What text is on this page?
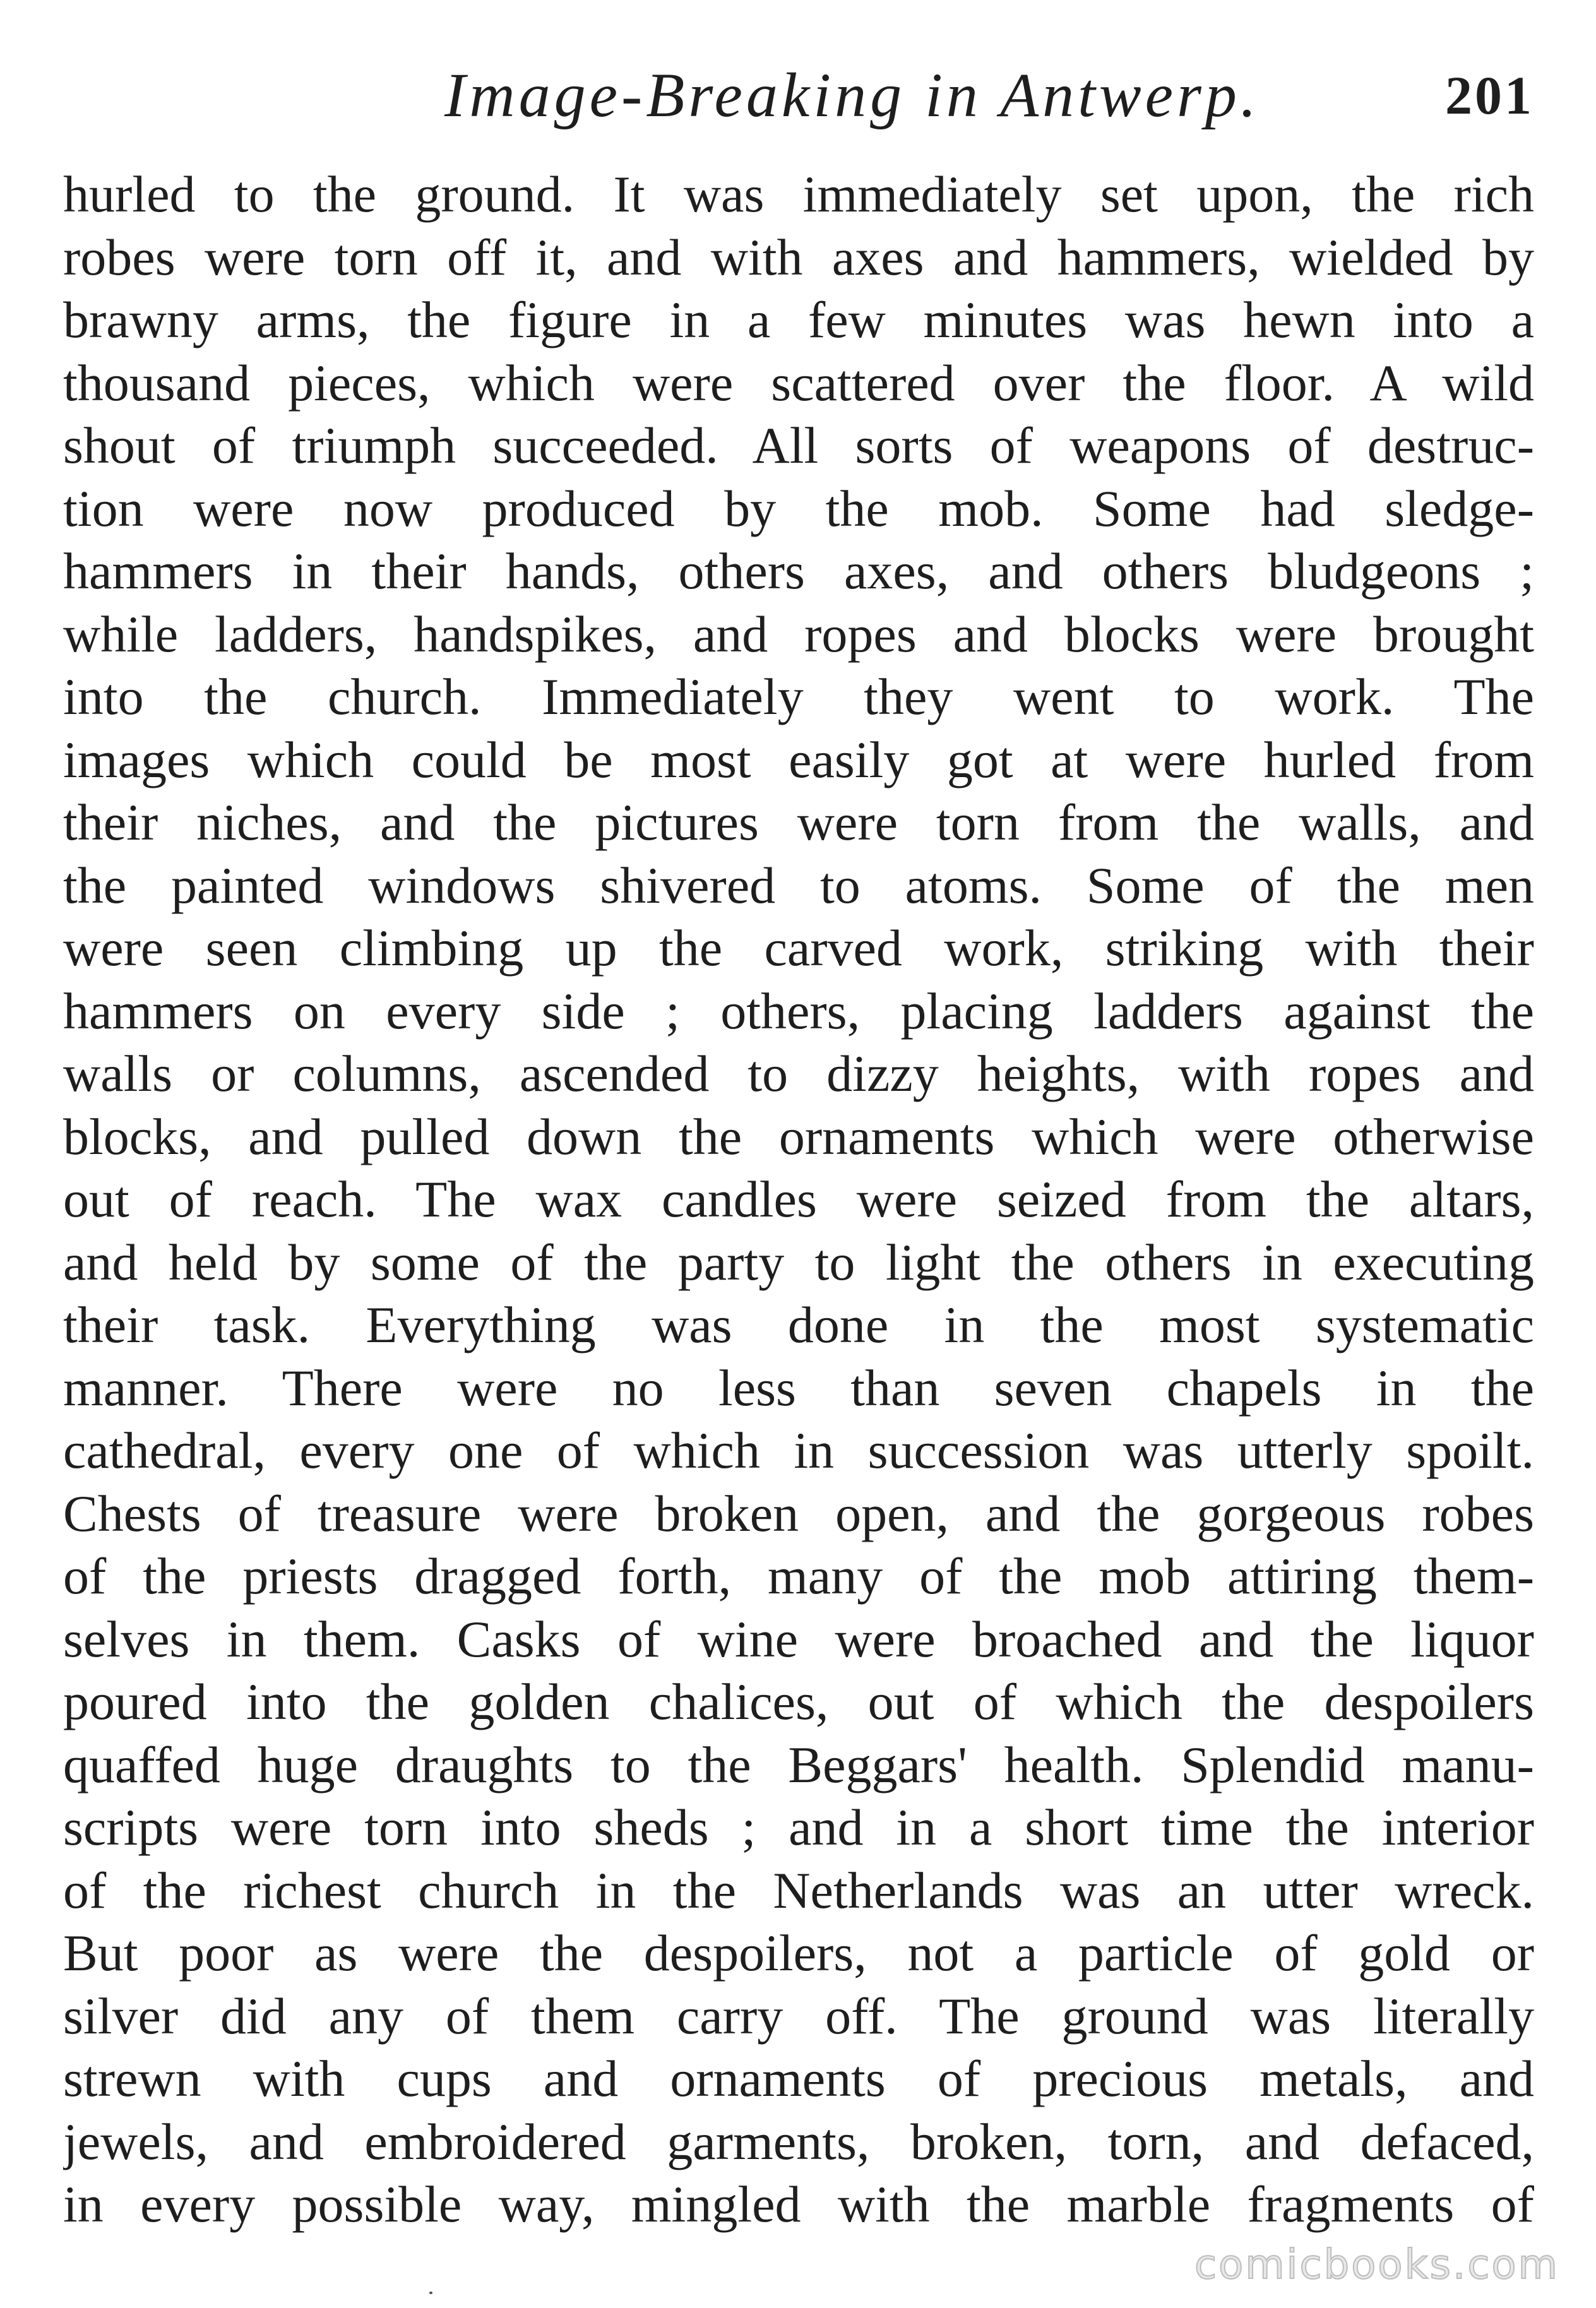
Image-Breaking in Antwerp.	201
hurled to the ground. It was immediately set upon, the rich
robes were torn off it, and with axes and hammers, wielded by
brawny arms, the figure in a few minutes was hewn into a
thousand pieces, which were scattered over the floor. A wild
shout of triumph succeeded. All sorts of weapons of destruc-
tion were now produced by the mob. Some had sledge-
hammers in their hands, others axes, and others bludgeons ;
while ladders, handspikes, and ropes and blocks were brought
into the church. Immediately they went to work. The
images which could be most easily got at were hurled from
their niches, and the pictures were torn from the walls, and
the painted windows shivered to atoms. Some of the men
were seen climbing up the carved work, striking with their
hammers on every side ; others, placing ladders against the
walls or columns, ascended to dizzy heights, with ropes and
blocks, and pulled down the ornaments which were otherwise
out of reach. The wax candles were seized from the altars,
and held by some of the party to light the others in executing
their task. Everything was done in the most systematic
manner. There were no less than seven chapels in the
cathedral, every one of which in succession was utterly spoilt.
Chests of treasure were broken open, and the gorgeous robes
of the priests dragged forth, many of the mob attiring them-
selves in them. Casks of wine were broached and the liquor
poured into the golden chalices, out of which the despoilers
quaffed huge draughts to the Beggars' health. Splendid manu-
scripts were torn into sheds ; and in a short time the interior
of the richest church in the Netherlands was an utter wreck.
But poor as were the despoilers, not a particle of gold or
silver did any of them carry off. The ground was literally
strewn with cups and ornaments of precious metals, and
jewels, and embroidered garments, broken, torn, and defaced,
in every possible way, mingled with the marble fragments of
comicbooks.com
